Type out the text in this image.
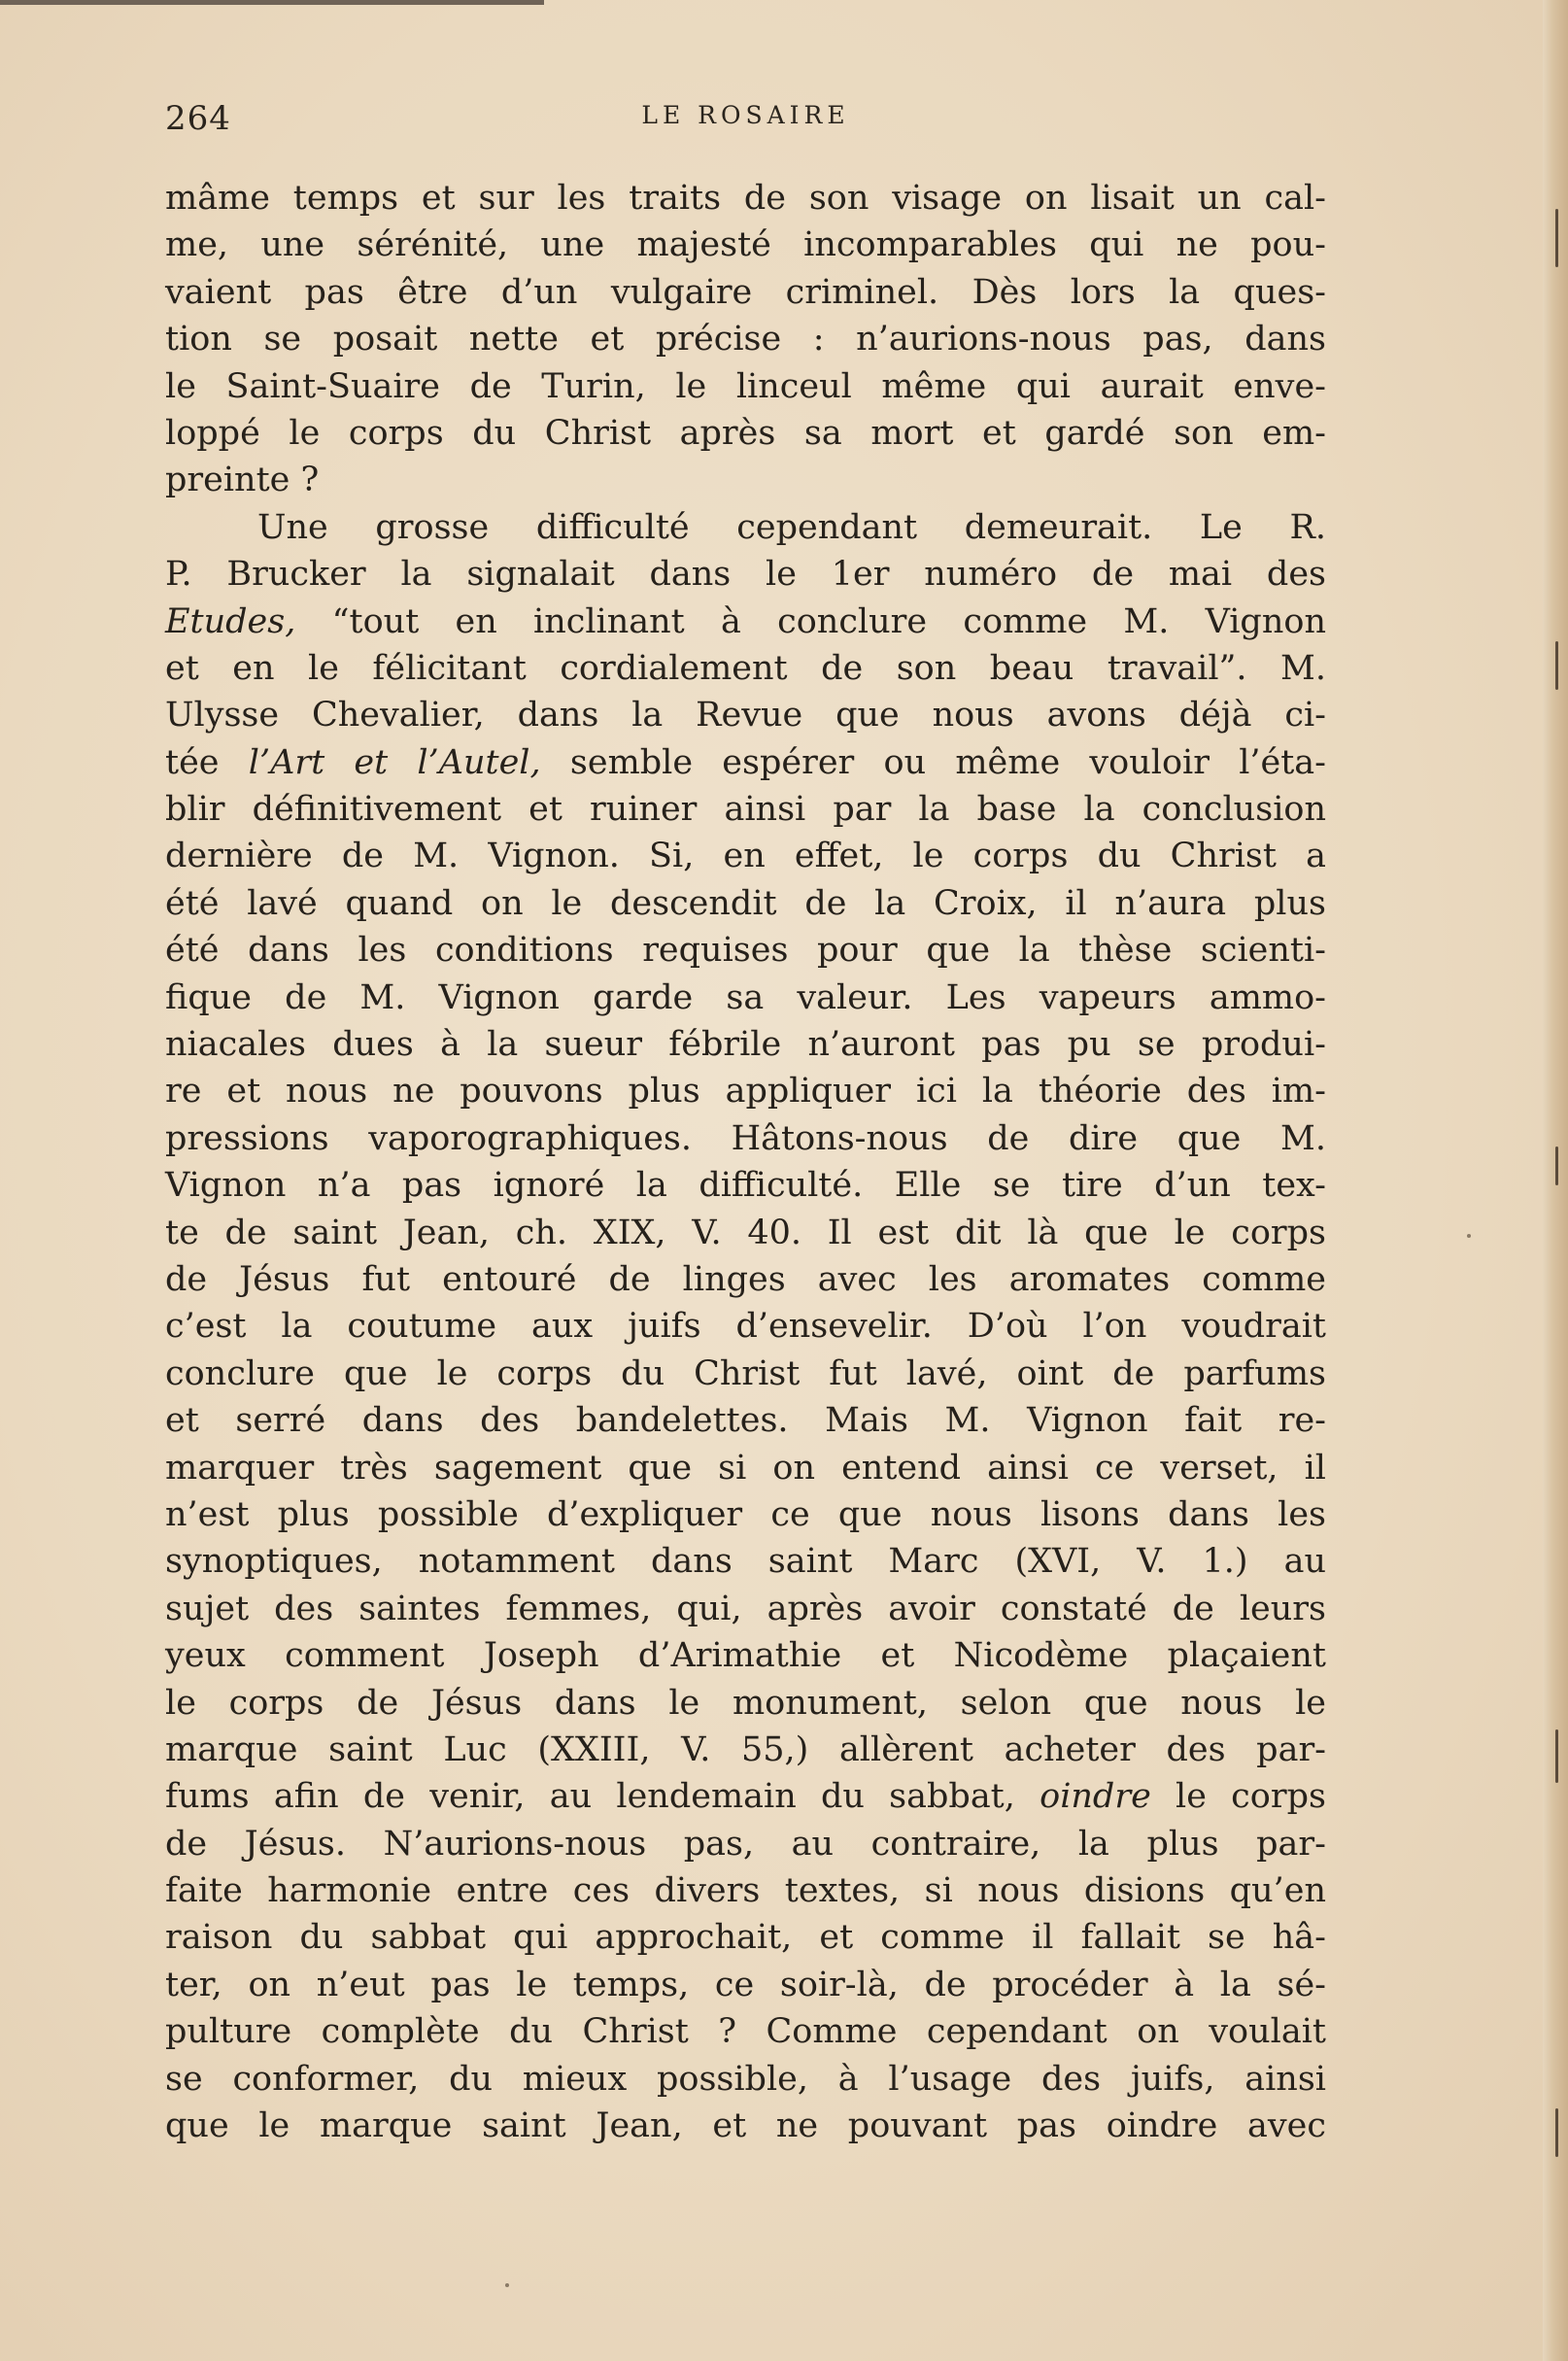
264	LE ROSAIRE
mâme temps et sur les traits de son visage on lisait un cal-
me, une sérénité, une majesté incomparables qui ne pou-
vaient pas être d’un vulgaire criminel. Dès lors la ques-
tion se posait nette et précise : n’aurions-nous pas, dans
le Saint-Suaire de Turin, le linceul même qui aurait enve-
loppé le corps du Christ après sa mort et gardé son em-
preinte ?
Une grosse difficulté cependant demeurait. Le R.
P. Brucker la signalait dans le 1er numéro de mai des
Etudes, “tout en inclinant à conclure comme M. Vignon
et en le félicitant cordialement de son beau travail”. M.
Ulysse Chevalier, dans la Revue que nous avons déjà ci-
tée l’Art et l’Autel, semble espérer ou même vouloir l’éta-
blir définitivement et ruiner ainsi par la base la conclusion
dernière de M. Vignon. Si, en effet, le corps du Christ a
été lavé quand on le descendit de la Croix, il n’aura plus
été dans les conditions requises pour que la thèse scienti-
fique de M. Vignon garde sa valeur. Les vapeurs ammo-
niacales dues à la sueur fébrile n’auront pas pu se produi-
re et nous ne pouvons plus appliquer ici la théorie des im-
pressions vaporographiques. Hâtons-nous de dire que M.
Vignon n’a pas ignoré la difficulté. Elle se tire d’un tex-
te de saint Jean, ch. XIX, V. 40. Il est dit là que le corps
de Jésus fut entouré de linges avec les aromates comme
c’est la coutume aux juifs d’ensevelir. D’où l’on voudrait
conclure que le corps du Christ fut lavé, oint de parfums
et serré dans des bandelettes. Mais M. Vignon fait re-
marquer très sagement que si on entend ainsi ce verset, il
n’est plus possible d’expliquer ce que nous lisons dans les
synoptiques, notamment dans saint Marc (XVI, V. 1.) au
sujet des saintes femmes, qui, après avoir constaté de leurs
yeux comment Joseph d’Arimathie et Nicodème plaçaient
le corps de Jésus dans le monument, selon que nous le
marque saint Luc (XXIII, V. 55,) allèrent acheter des par-
fums afin de venir, au lendemain du sabbat, oindre le corps
de Jésus. N’aurions-nous pas, au contraire, la plus par-
faite harmonie entre ces divers textes, si nous disions qu’en
raison du sabbat qui approchait, et comme il fallait se hâ-
ter, on n’eut pas le temps, ce soir-là, de procéder à la sé-
pulture complète du Christ ? Comme cependant on voulait
se conformer, du mieux possible, à l’usage des juifs, ainsi
que le marque saint Jean, et ne pouvant pas oindre avec
